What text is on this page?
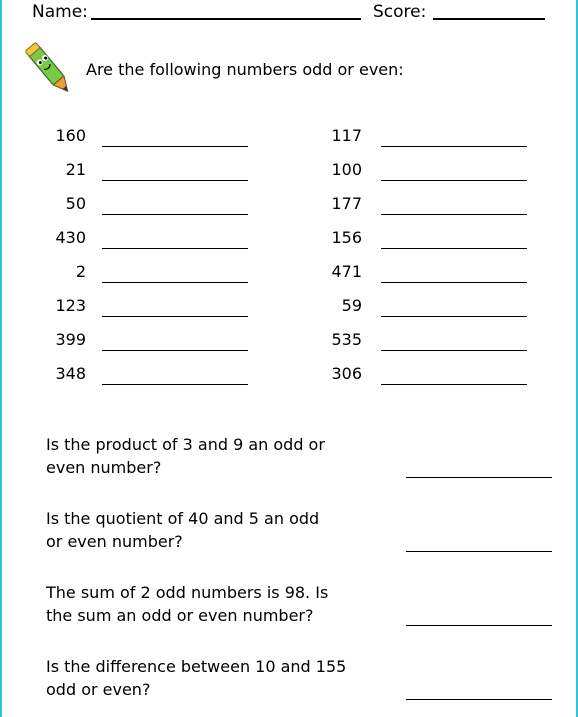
Name:	Score:
Are the following numbers odd or even:
160
21
50
430
2
123
399
348
117
100
177
156
471
59
535
306
Is the product of 3 and 9 an odd or
even number?
Is the quotient of 40 and 5 an odd
or even number?
The sum of 2 odd numbers is 98. Is
the sum an odd or even number?
Is the difference between 10 and 155
odd or even?
